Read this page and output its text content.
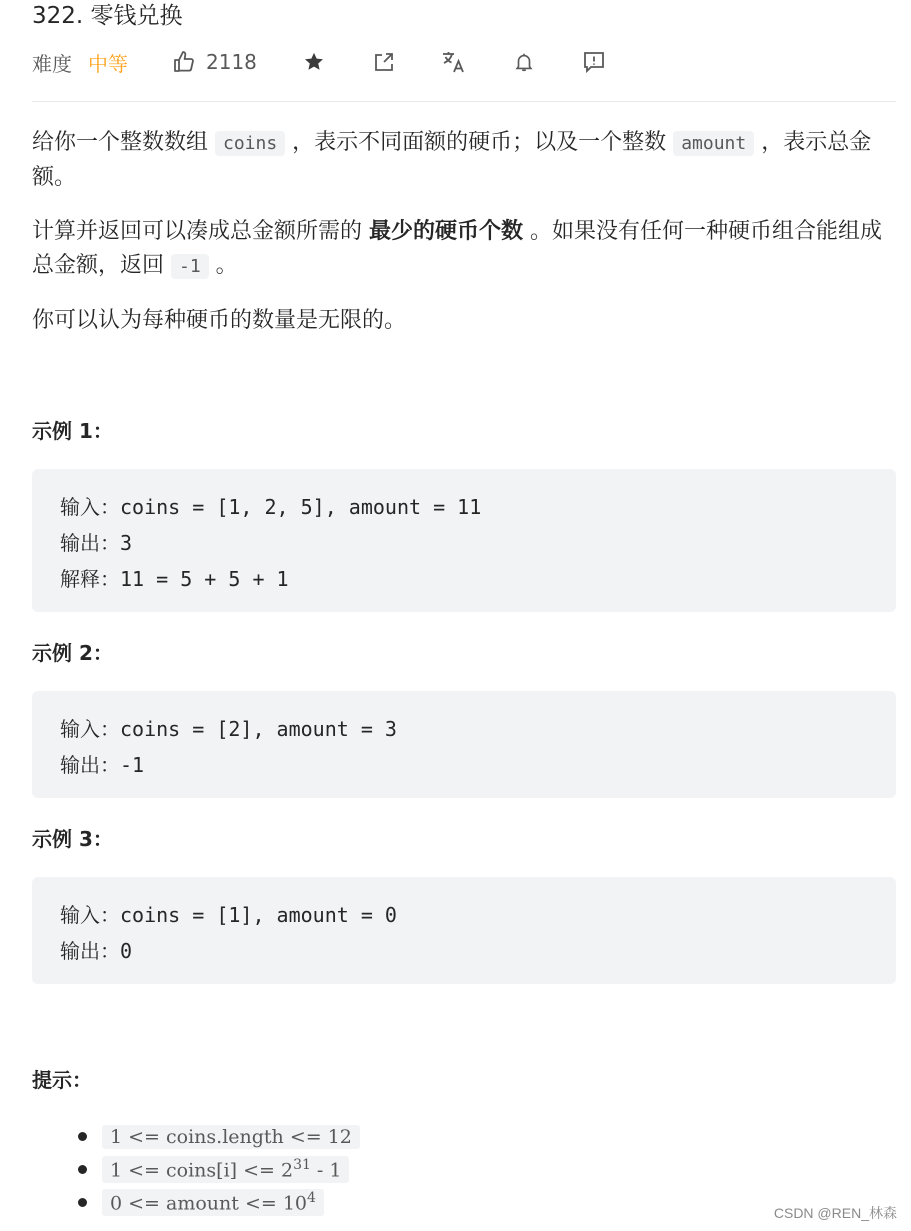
322. 零钱兑换
难度 中等	2118
给你一个整数数组 coins ，表示不同面额的硬币；以及一个整数 amount ，表示总金额。
计算并返回可以凑成总金额所需的 最少的硬币个数 。如果没有任何一种硬币组合能组成总金额，返回 -1 。
你可以认为每种硬币的数量是无限的。
示例 1：
输入：coins = [1, 2, 5], amount = 11
输出：3
解释：11 = 5 + 5 + 1
示例 2：
输入：coins = [2], amount = 3
输出：-1
示例 3：
输入：coins = [1], amount = 0
输出：0
提示：
1 <= coins.length <= 12
1 <= coins[i] <= $2^{31} - 1$
0 <= amount <= $10^4$
CSDN @REN_林森
